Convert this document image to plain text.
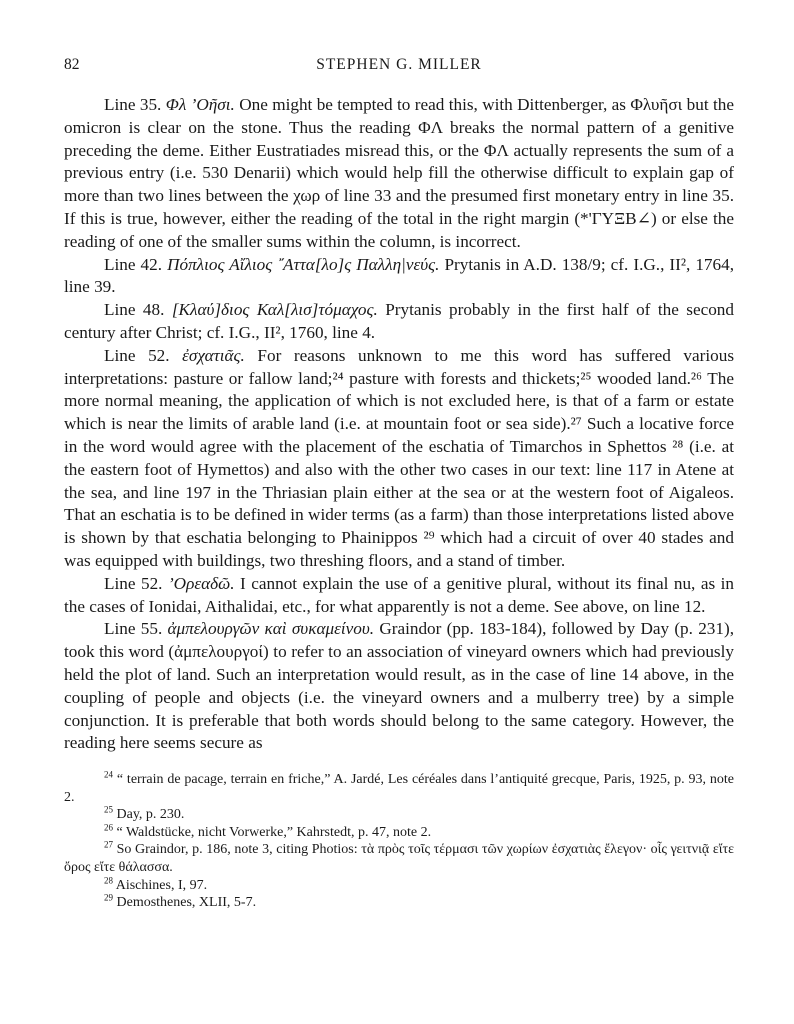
82	STEPHEN G. MILLER

Line 35. Φλ ’Οῆσι. One might be tempted to read this, with Dittenberger, as Φλυῆσι but the omicron is clear on the stone. Thus the reading ΦΛ breaks the normal pattern of a genitive preceding the deme. Either Eustratiades misread this, or the ΦΛ actually represents the sum of a previous entry (i.e. 530 Denarii) which would help fill the otherwise difficult to explain gap of more than two lines between the χωρ of line 33 and the presumed first monetary entry in line 35. If this is true, however, either the reading of the total in the right margin (*'ΓΥΞΒ∠) or else the reading of one of the smaller sums within the column, is incorrect.

Line 42. Πόπλιος Αἴλιος ῎Αττα[λο]ς Παλλη|νεύς. Prytanis in A.D. 138/9; cf. I.G., II², 1764, line 39.

Line 48. [Κλαύ]διος Καλ[λισ]τόμαχος. Prytanis probably in the first half of the second century after Christ; cf. I.G., II², 1760, line 4.

Line 52. ἐσχατιᾶς. For reasons unknown to me this word has suffered various interpretations: pasture or fallow land;²⁴ pasture with forests and thickets;²⁵ wooded land.²⁶ The more normal meaning, the application of which is not excluded here, is that of a farm or estate which is near the limits of arable land (i.e. at mountain foot or sea side).²⁷ Such a locative force in the word would agree with the placement of the eschatia of Timarchos in Sphettos ²⁸ (i.e. at the eastern foot of Hymettos) and also with the other two cases in our text: line 117 in Atene at the sea, and line 197 in the Thriasian plain either at the sea or at the western foot of Aigaleos. That an eschatia is to be defined in wider terms (as a farm) than those interpretations listed above is shown by that eschatia belonging to Phainippos ²⁹ which had a circuit of over 40 stades and was equipped with buildings, two threshing floors, and a stand of timber.

Line 52. ’Ορεαδῶ. I cannot explain the use of a genitive plural, without its final nu, as in the cases of Ionidai, Aithalidai, etc., for what apparently is not a deme. See above, on line 12.

Line 55. ἀμπελουργῶν καὶ συκαμείνου. Graindor (pp. 183-184), followed by Day (p. 231), took this word (ἀμπελουργοί) to refer to an association of vineyard owners which had previously held the plot of land. Such an interpretation would result, as in the case of line 14 above, in the coupling of people and objects (i.e. the vineyard owners and a mulberry tree) by a simple conjunction. It is preferable that both words should belong to the same category. However, the reading here seems secure as

$^{24}$ “ terrain de pacage, terrain en friche,” A. Jardé, Les céréales dans l’antiquité grecque, Paris, 1925, p. 93, note 2.

$^{25}$ Day, p. 230.

$^{26}$ “ Waldstücke, nicht Vorwerke,” Kahrstedt, p. 47, note 2.

$^{27}$ So Graindor, p. 186, note 3, citing Photios: τὰ πρὸς τοῖς τέρμασι τῶν χωρίων ἐσχατιὰς ἔλεγον· οἷς γειτνιᾷ εἴτε ὄρος εἴτε θάλασσα.

$^{28}$ Aischines, I, 97.

$^{29}$ Demosthenes, XLII, 5-7.
